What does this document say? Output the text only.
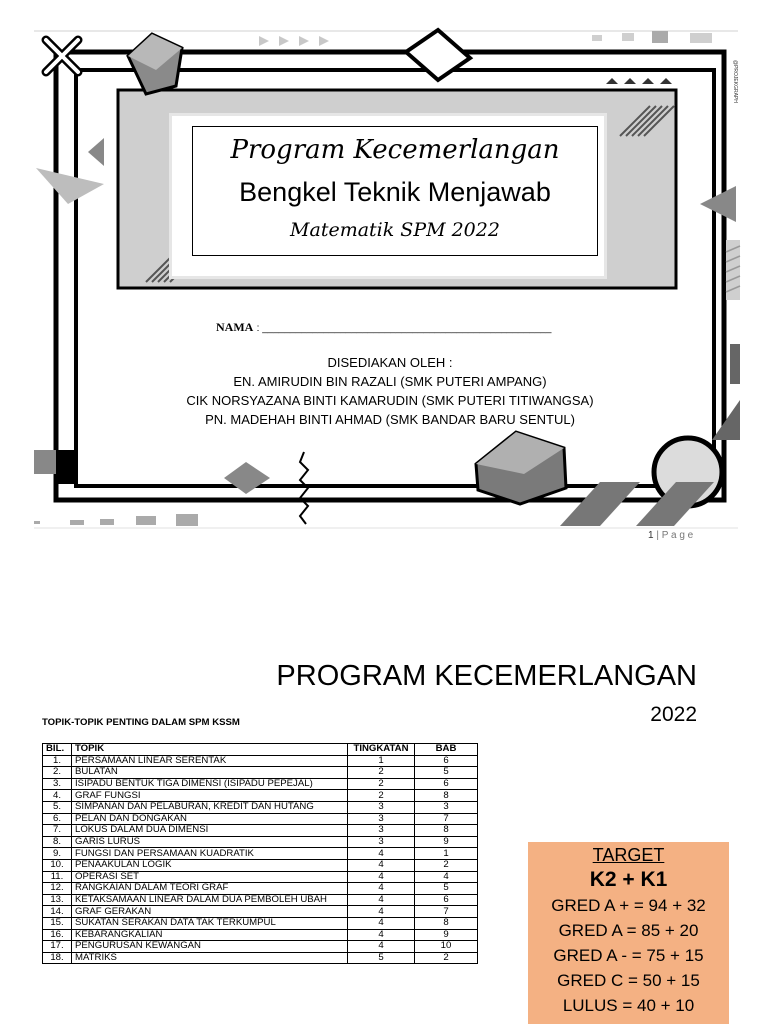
@PROJEKGRAPH
Program Kecemerlangan
Bengkel Teknik Menjawab
Matematik SPM 2022
NAMA : ____________________________________________________
DISEDIAKAN OLEH :
EN. AMIRUDIN BIN RAZALI (SMK PUTERI AMPANG)
CIK NORSYAZANA BINTI KAMARUDIN (SMK PUTERI TITIWANGSA)
PN. MADEHAH BINTI AHMAD (SMK BANDAR BARU SENTUL)
1 | P a g e
PROGRAM KECEMERLANGAN
2022
TOPIK-TOPIK PENTING DALAM SPM KSSM
BIL.	TOPIK	TINGKATAN	BAB
1.	PERSAMAAN LINEAR SERENTAK	1	6
2.	BULATAN	2	5
3.	ISIPADU BENTUK TIGA DIMENSI (ISIPADU PEPEJAL)	2	6
4.	GRAF FUNGSI	2	8
5.	SIMPANAN DAN PELABURAN, KREDIT DAN HUTANG	3	3
6.	PELAN DAN DONGAKAN	3	7
7.	LOKUS DALAM DUA DIMENSI	3	8
8.	GARIS LURUS	3	9
9.	FUNGSI DAN PERSAMAAN KUADRATIK	4	1
10.	PENAAKULAN LOGIK	4	2
11.	OPERASI SET	4	4
12.	RANGKAIAN DALAM TEORI GRAF	4	5
13.	KETAKSAMAAN LINEAR DALAM DUA PEMBOLEH UBAH	4	6
14.	GRAF GERAKAN	4	7
15.	SUKATAN SERAKAN DATA TAK TERKUMPUL	4	8
16.	KEBARANGKALIAN	4	9
17.	PENGURUSAN KEWANGAN	4	10
18.	MATRIKS	5	2
TARGET
K2 + K1
GRED A + = 94 + 32
GRED A = 85 + 20
GRED A - = 75 + 15
GRED C = 50 + 15
LULUS = 40 + 10
